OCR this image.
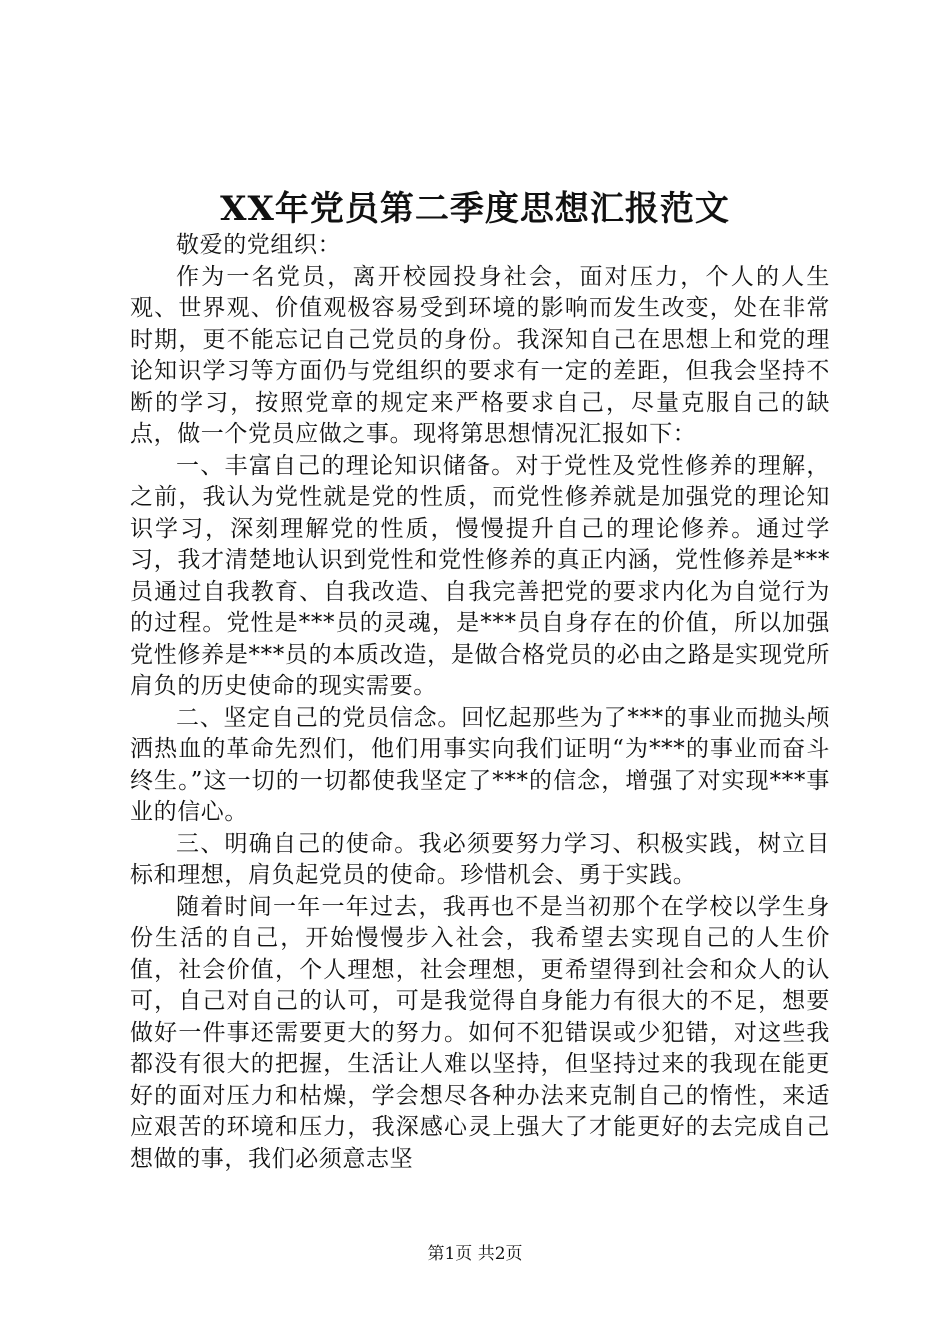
XX年党员第二季度思想汇报范文

敬爱的党组织：

作为一名党员，离开校园投身社会，面对压力，个人的人生观、世界观、价值观极容易受到环境的影响而发生改变，处在非常时期，更不能忘记自己党员的身份。我深知自己在思想上和党的理论知识学习等方面仍与党组织的要求有一定的差距，但我会坚持不断的学习，按照党章的规定来严格要求自己，尽量克服自己的缺点，做一个党员应做之事。现将第思想情况汇报如下：

一、丰富自己的理论知识储备。对于党性及党性修养的理解，之前，我认为党性就是党的性质，而党性修养就是加强党的理论知识学习，深刻理解党的性质，慢慢提升自己的理论修养。通过学习，我才清楚地认识到党性和党性修养的真正内涵，党性修养是***员通过自我教育、自我改造、自我完善把党的要求内化为自觉行为的过程。党性是***员的灵魂，是***员自身存在的价值，所以加强党性修养是***员的本质改造，是做合格党员的必由之路是实现党所肩负的历史使命的现实需要。

二、坚定自己的党员信念。回忆起那些为了***的事业而抛头颅洒热血的革命先烈们，他们用事实向我们证明“为***的事业而奋斗终生。”这一切的一切都使我坚定了***的信念，增强了对实现***事业的信心。

三、明确自己的使命。我必须要努力学习、积极实践，树立目标和理想，肩负起党员的使命。珍惜机会、勇于实践。

随着时间一年一年过去，我再也不是当初那个在学校以学生身份生活的自己，开始慢慢步入社会，我希望去实现自己的人生价值，社会价值，个人理想，社会理想，更希望得到社会和众人的认可，自己对自己的认可，可是我觉得自身能力有很大的不足，想要做好一件事还需要更大的努力。如何不犯错误或少犯错，对这些我都没有很大的把握，生活让人难以坚持，但坚持过来的我现在能更好的面对压力和枯燥，学会想尽各种办法来克制自己的惰性，来适应艰苦的环境和压力，我深感心灵上强大了才能更好的去完成自己想做的事，我们必须意志坚

第1页 共2页
